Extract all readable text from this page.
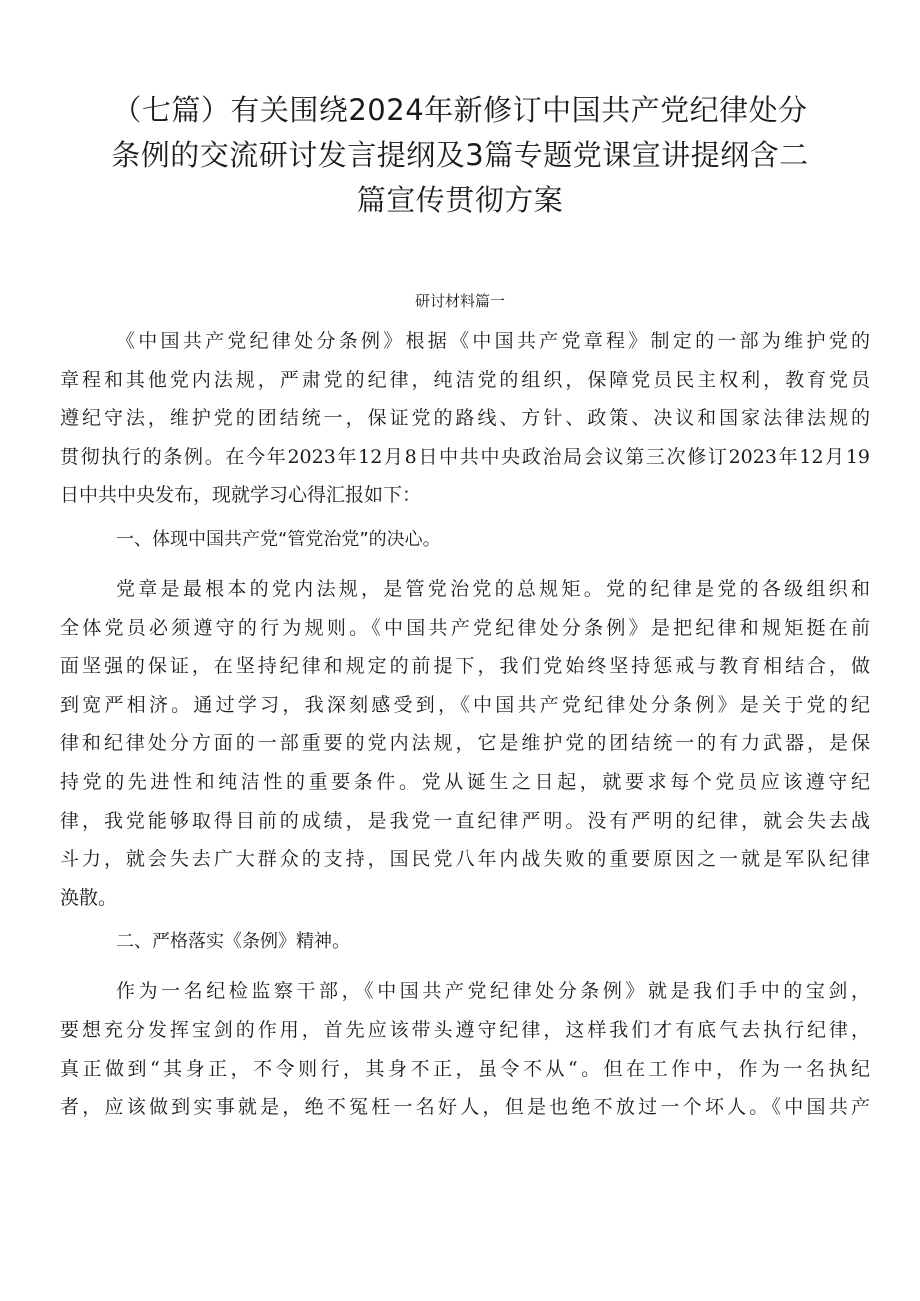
（七篇）有关围绕2024年新修订中国共产党纪律处分
条例的交流研讨发言提纲及3篇专题党课宣讲提纲含二
篇宣传贯彻方案

研讨材料篇一

《中国共产党纪律处分条例》根据《中国共产党章程》制定的一部为维护党的
章程和其他党内法规，严肃党的纪律，纯洁党的组织，保障党员民主权利，教育党员
遵纪守法，维护党的团结统一，保证党的路线、方针、政策、决议和国家法律法规的
贯彻执行的条例。在今年2023年12月8日中共中央政治局会议第三次修订2023年12月19
日中共中央发布，现就学习心得汇报如下：
一、体现中国共产党“管党治党”的决心。
党章是最根本的党内法规，是管党治党的总规矩。党的纪律是党的各级组织和
全体党员必须遵守的行为规则。《中国共产党纪律处分条例》是把纪律和规矩挺在前
面坚强的保证，在坚持纪律和规定的前提下，我们党始终坚持惩戒与教育相结合，做
到宽严相济。通过学习，我深刻感受到，《中国共产党纪律处分条例》是关于党的纪
律和纪律处分方面的一部重要的党内法规，它是维护党的团结统一的有力武器，是保
持党的先进性和纯洁性的重要条件。党从诞生之日起，就要求每个党员应该遵守纪
律，我党能够取得目前的成绩，是我党一直纪律严明。没有严明的纪律，就会失去战
斗力，就会失去广大群众的支持，国民党八年内战失败的重要原因之一就是军队纪律
涣散。
二、严格落实《条例》精神。
作为一名纪检监察干部，《中国共产党纪律处分条例》就是我们手中的宝剑，
要想充分发挥宝剑的作用，首先应该带头遵守纪律，这样我们才有底气去执行纪律，
真正做到“其身正，不令则行，其身不正，虽令不从“。但在工作中，作为一名执纪
者，应该做到实事就是，绝不冤枉一名好人，但是也绝不放过一个坏人。《中国共产
